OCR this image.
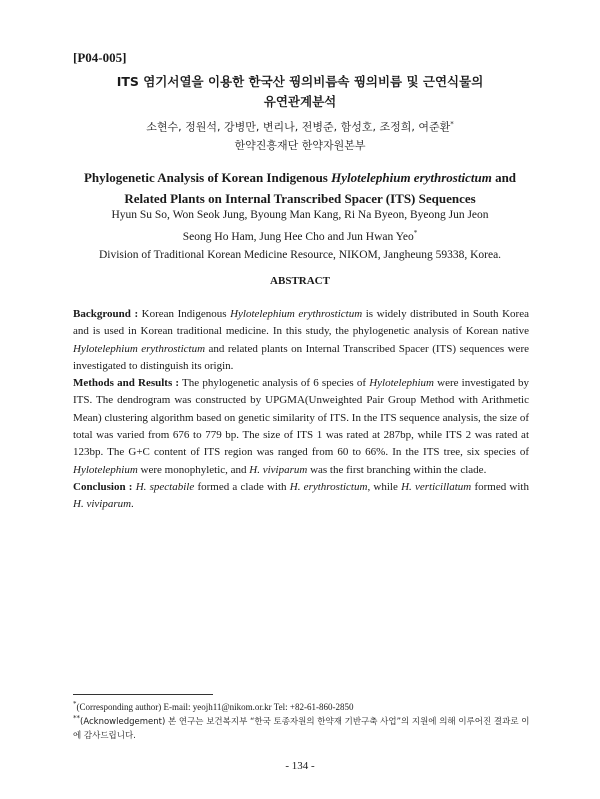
[P04-005]
ITS 염기서열을 이용한 한국산 꿩의비름속 꿩의비름 및 근연식물의
유연관계분석
소현수, 정원석, 강병만, 변리나, 전병준, 함성호, 조정희, 여준환*
한약진흥재단 한약자원본부
Phylogenetic Analysis of Korean Indigenous Hylotelephium erythrostictum and
Related Plants on Internal Transcribed Spacer (ITS) Sequences
Hyun Su So, Won Seok Jung, Byoung Man Kang, Ri Na Byeon, Byeong Jun Jeon
Seong Ho Ham, Jung Hee Cho and Jun Hwan Yeo*
Division of Traditional Korean Medicine Resource, NIKOM, Jangheung 59338, Korea.
ABSTRACT

Background : Korean Indigenous Hylotelephium erythrostictum is widely distributed in South Korea and is used in Korean traditional medicine. In this study, the phylogenetic analysis of Korean native Hylotelephium erythrostictum and related plants on Internal Transcribed Spacer (ITS) sequences were investigated to distinguish its origin.

Methods and Results : The phylogenetic analysis of 6 species of Hylotelephium were investigated by ITS. The dendrogram was constructed by UPGMA(Unweighted Pair Group Method with Arithmetic Mean) clustering algorithm based on genetic similarity of ITS. In the ITS sequence analysis, the size of total was varied from 676 to 779 bp. The size of ITS 1 was rated at 287bp, while ITS 2 was rated at 123bp. The G+C content of ITS region was ranged from 60 to 66%. In the ITS tree, six species of Hylotelephium were monophyletic, and H. viviparum was the first branching within the clade.

Conclusion : H. spectabile formed a clade with H. erythrostictum, while H. verticillatum formed with H. viviparum.

*(Corresponding author) E-mail: yeojh11@nikom.or.kr Tel: +82-61-860-2850
**(Acknowledgement) 본 연구는 보건복지부 “한국 토종자원의 한약재 기반구축 사업”의 지원에 의해 이루어진 결과로 이에 감사드립니다.
- 134 -
